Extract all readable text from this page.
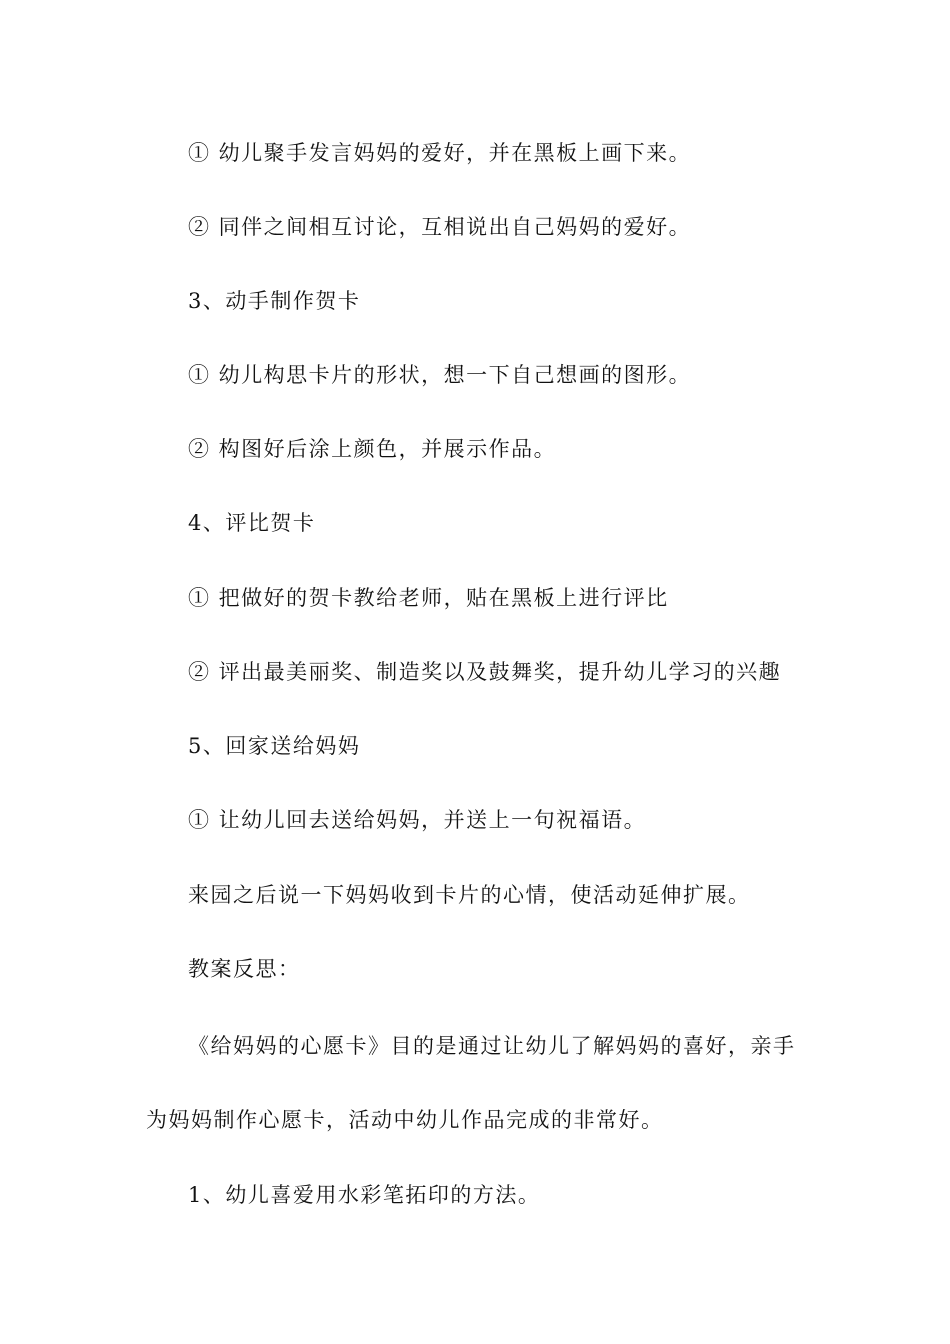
① 幼儿聚手发言妈妈的爱好，并在黑板上画下来。
② 同伴之间相互讨论，互相说出自己妈妈的爱好。
3、动手制作贺卡
① 幼儿构思卡片的形状，想一下自己想画的图形。
② 构图好后涂上颜色，并展示作品。
4、评比贺卡
① 把做好的贺卡教给老师，贴在黑板上进行评比
② 评出最美丽奖、制造奖以及鼓舞奖，提升幼儿学习的兴趣
5、回家送给妈妈
① 让幼儿回去送给妈妈，并送上一句祝福语。
来园之后说一下妈妈收到卡片的心情，使活动延伸扩展。
教案反思：
《给妈妈的心愿卡》目的是通过让幼儿了解妈妈的喜好，亲手
为妈妈制作心愿卡，活动中幼儿作品完成的非常好。
1、幼儿喜爱用水彩笔拓印的方法。
